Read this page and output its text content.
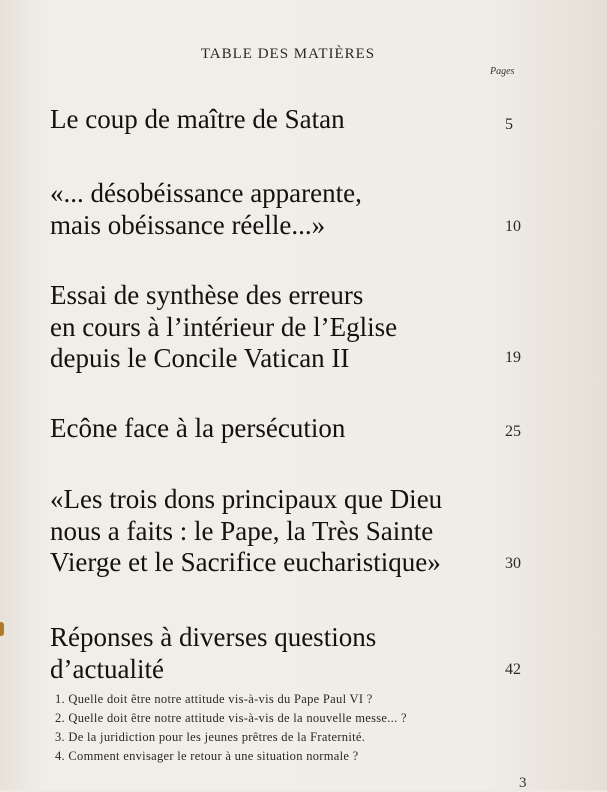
TABLE DES MATIÈRES
Pages
Le coup de maître de Satan	5
«... désobéissance apparente,
mais obéissance réelle...»	10
Essai de synthèse des erreurs
en cours à l’intérieur de l’Eglise
depuis le Concile Vatican II	19
Ecône face à la persécution	25
«Les trois dons principaux que Dieu
nous a faits : le Pape, la Très Sainte
Vierge et le Sacrifice eucharistique»	30
Réponses à diverses questions
d’actualité	42
1. Quelle doit être notre attitude vis-à-vis du Pape Paul VI ?
2. Quelle doit être notre attitude vis-à-vis de la nouvelle messe... ?
3. De la juridiction pour les jeunes prêtres de la Fraternité.
4. Comment envisager le retour à une situation normale ?
3
